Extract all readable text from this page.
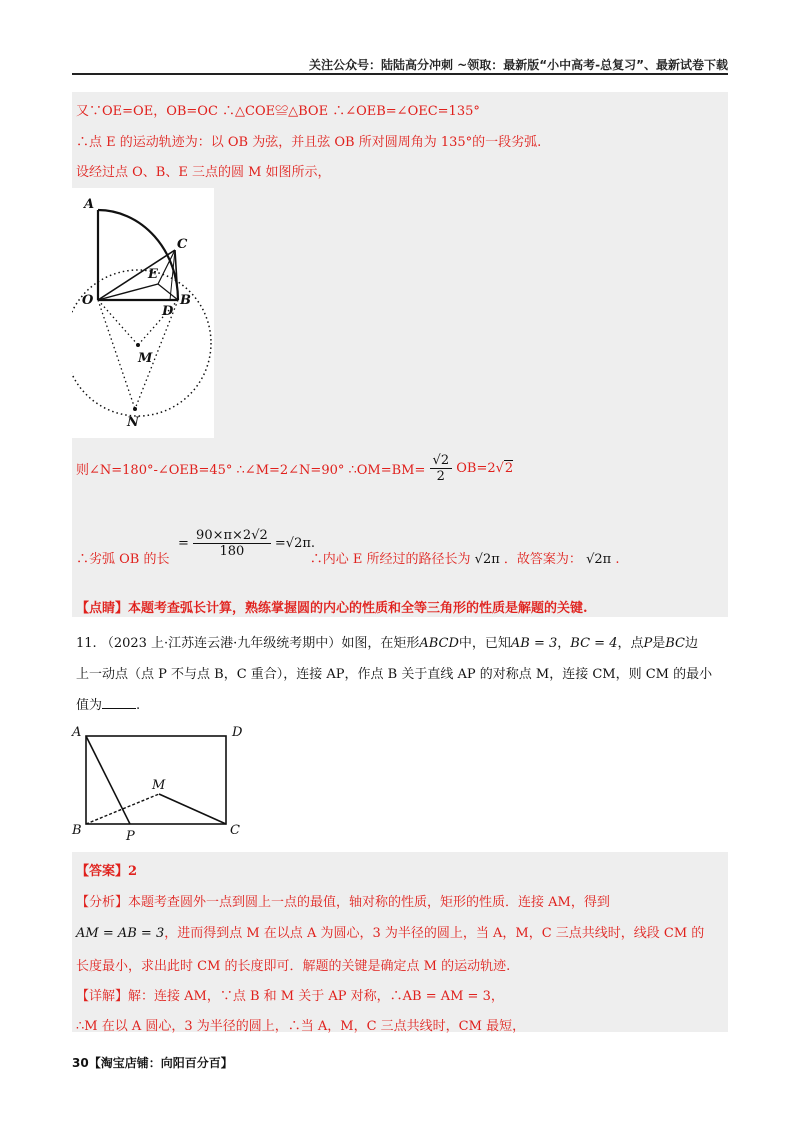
关注公众号：陆陆高分冲刺 ~领取：最新版“小中高考-总复习”、最新试卷下载
又∵OE=OE，OB=OC ∴△COE≌△BOE ∴∠OEB=∠OEC=135°
∴点 E 的运动轨迹为：以 OB 为弦，并且弦 OB 所对圆周角为 135°的一段劣弧.
设经过点 O、B、E 三点的圆 M 如图所示，
A
C
E
O
D
B
M
N
则∠N=180°-∠OEB=45° ∴∠M=2∠N=90° ∴OM=BM= $\frac{√2}{2} OB=2√2$
= $\frac{90\times\pi\times 2√2}{180} =√2\pi$.
∴劣弧 OB 的长	∴内心 E 所经过的路径长为 √2π ．故答案为： √2π .
【点睛】本题考查弧长计算，熟练掌握圆的内心的性质和全等三角形的性质是解题的关键.
11. （2023 上·江苏连云港·九年级统考期中）如图，在矩形ABCD中，已知AB = 3，BC = 4，点P是BC边
上一动点（点 P 不与点 B，C 重合），连接 AP，作点 B 关于直线 AP 的对称点 M，连接 CM，则 CM 的最小
值为	.
A	D
M
B	P	C
【答案】2
【分析】本题考查圆外一点到圆上一点的最值，轴对称的性质，矩形的性质．连接 AM，得到
AM = AB = 3，进而得到点 M 在以点 A 为圆心，3 为半径的圆上，当 A，M，C 三点共线时，线段 CM 的
长度最小，求出此时 CM 的长度即可．解题的关键是确定点 M 的运动轨迹.
【详解】解：连接 AM，∵点 B 和 M 关于 AP 对称，∴AB = AM = 3，
∴M 在以 A 圆心，3 为半径的圆上，∴当 A，M，C 三点共线时，CM 最短，
30【淘宝店铺：向阳百分百】
